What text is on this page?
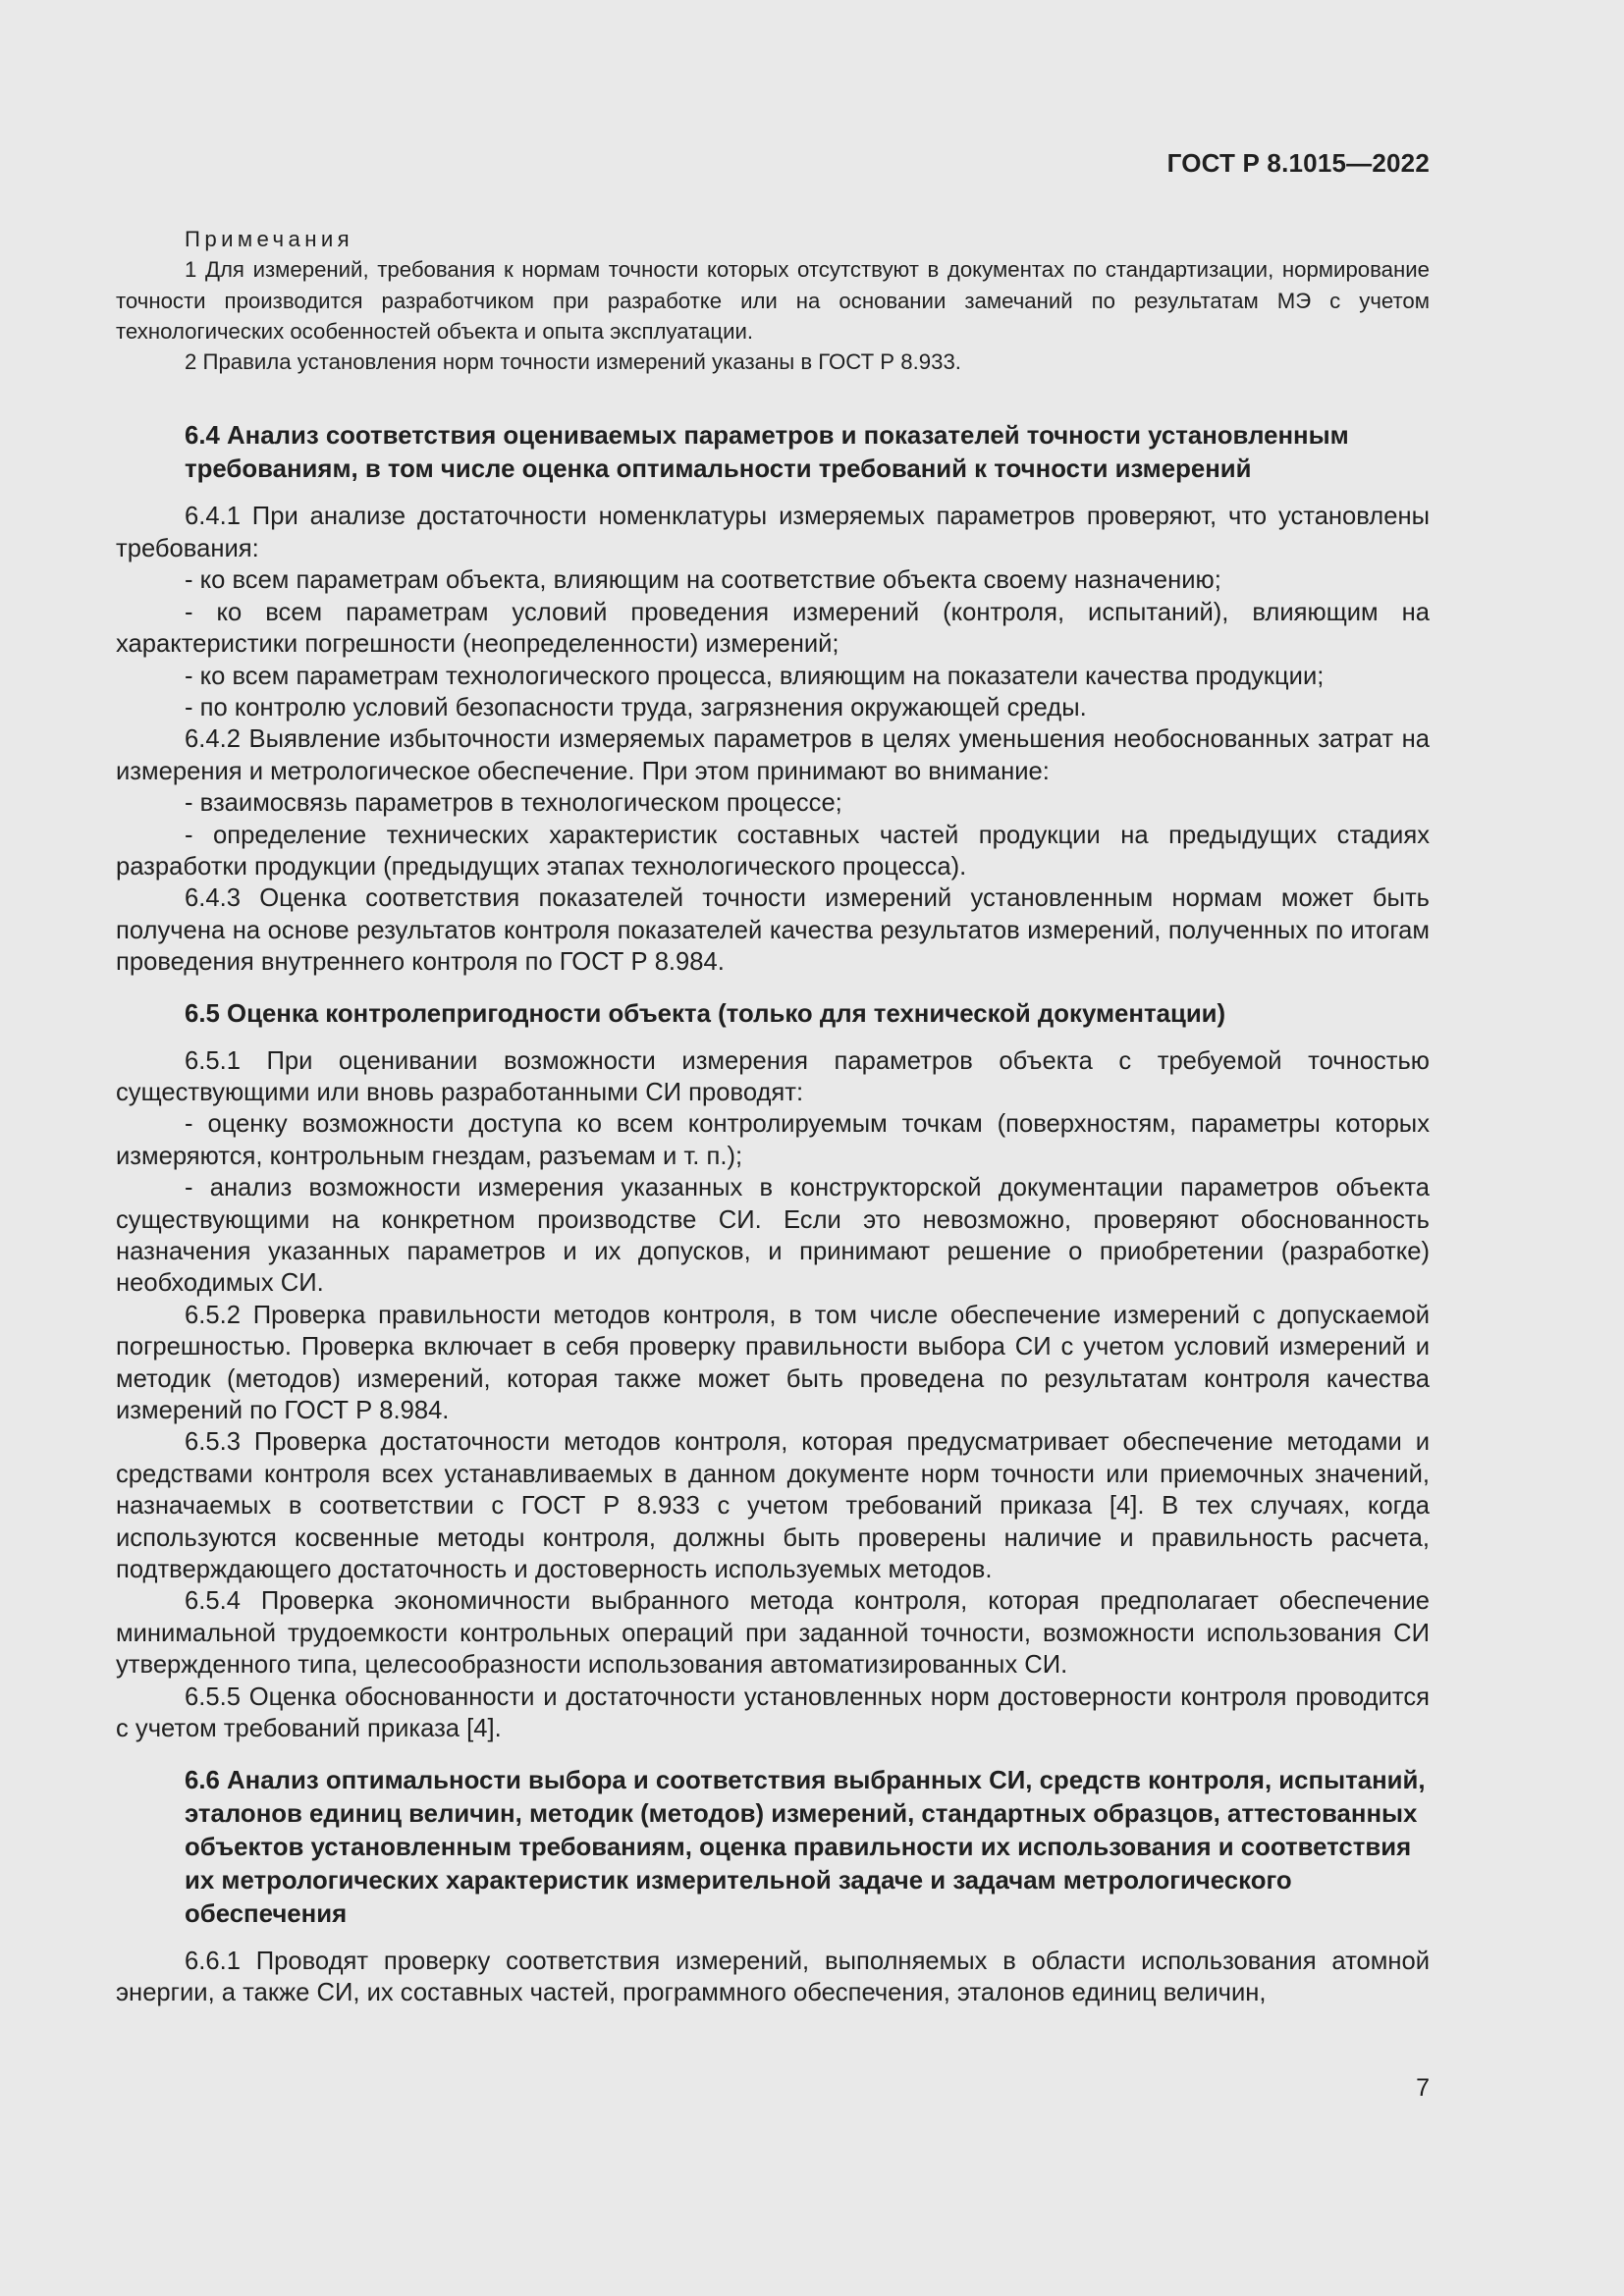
ГОСТ Р 8.1015—2022

Примечания

1 Для измерений, требования к нормам точности которых отсутствуют в документах по стандартизации, нормирование точности производится разработчиком при разработке или на основании замечаний по результатам МЭ с учетом технологических особенностей объекта и опыта эксплуатации.

2 Правила установления норм точности измерений указаны в ГОСТ Р 8.933.

6.4 Анализ соответствия оцениваемых параметров и показателей точности установленным требованиям, в том числе оценка оптимальности требований к точности измерений

6.4.1 При анализе достаточности номенклатуры измеряемых параметров проверяют, что установлены требования:

- ко всем параметрам объекта, влияющим на соответствие объекта своему назначению;

- ко всем параметрам условий проведения измерений (контроля, испытаний), влияющим на характеристики погрешности (неопределенности) измерений;

- ко всем параметрам технологического процесса, влияющим на показатели качества продукции;

- по контролю условий безопасности труда, загрязнения окружающей среды.

6.4.2 Выявление избыточности измеряемых параметров в целях уменьшения необоснованных затрат на измерения и метрологическое обеспечение. При этом принимают во внимание:

- взаимосвязь параметров в технологическом процессе;

- определение технических характеристик составных частей продукции на предыдущих стадиях разработки продукции (предыдущих этапах технологического процесса).

6.4.3 Оценка соответствия показателей точности измерений установленным нормам может быть получена на основе результатов контроля показателей качества результатов измерений, полученных по итогам проведения внутреннего контроля по ГОСТ Р 8.984.

6.5 Оценка контролепригодности объекта (только для технической документации)

6.5.1 При оценивании возможности измерения параметров объекта с требуемой точностью существующими или вновь разработанными СИ проводят:

- оценку возможности доступа ко всем контролируемым точкам (поверхностям, параметры которых измеряются, контрольным гнездам, разъемам и т. п.);

- анализ возможности измерения указанных в конструкторской документации параметров объекта существующими на конкретном производстве СИ. Если это невозможно, проверяют обоснованность назначения указанных параметров и их допусков, и принимают решение о приобретении (разработке) необходимых СИ.

6.5.2 Проверка правильности методов контроля, в том числе обеспечение измерений с допускаемой погрешностью. Проверка включает в себя проверку правильности выбора СИ с учетом условий измерений и методик (методов) измерений, которая также может быть проведена по результатам контроля качества измерений по ГОСТ Р 8.984.

6.5.3 Проверка достаточности методов контроля, которая предусматривает обеспечение методами и средствами контроля всех устанавливаемых в данном документе норм точности или приемочных значений, назначаемых в соответствии с ГОСТ Р 8.933 с учетом требований приказа [4]. В тех случаях, когда используются косвенные методы контроля, должны быть проверены наличие и правильность расчета, подтверждающего достаточность и достоверность используемых методов.

6.5.4 Проверка экономичности выбранного метода контроля, которая предполагает обеспечение минимальной трудоемкости контрольных операций при заданной точности, возможности использования СИ утвержденного типа, целесообразности использования автоматизированных СИ.

6.5.5 Оценка обоснованности и достаточности установленных норм достоверности контроля проводится с учетом требований приказа [4].

6.6 Анализ оптимальности выбора и соответствия выбранных СИ, средств контроля, испытаний, эталонов единиц величин, методик (методов) измерений, стандартных образцов, аттестованных объектов установленным требованиям, оценка правильности их использования и соответствия их метрологических характеристик измерительной задаче и задачам метрологического обеспечения

6.6.1 Проводят проверку соответствия измерений, выполняемых в области использования атомной энергии, а также СИ, их составных частей, программного обеспечения, эталонов единиц величин,

7
